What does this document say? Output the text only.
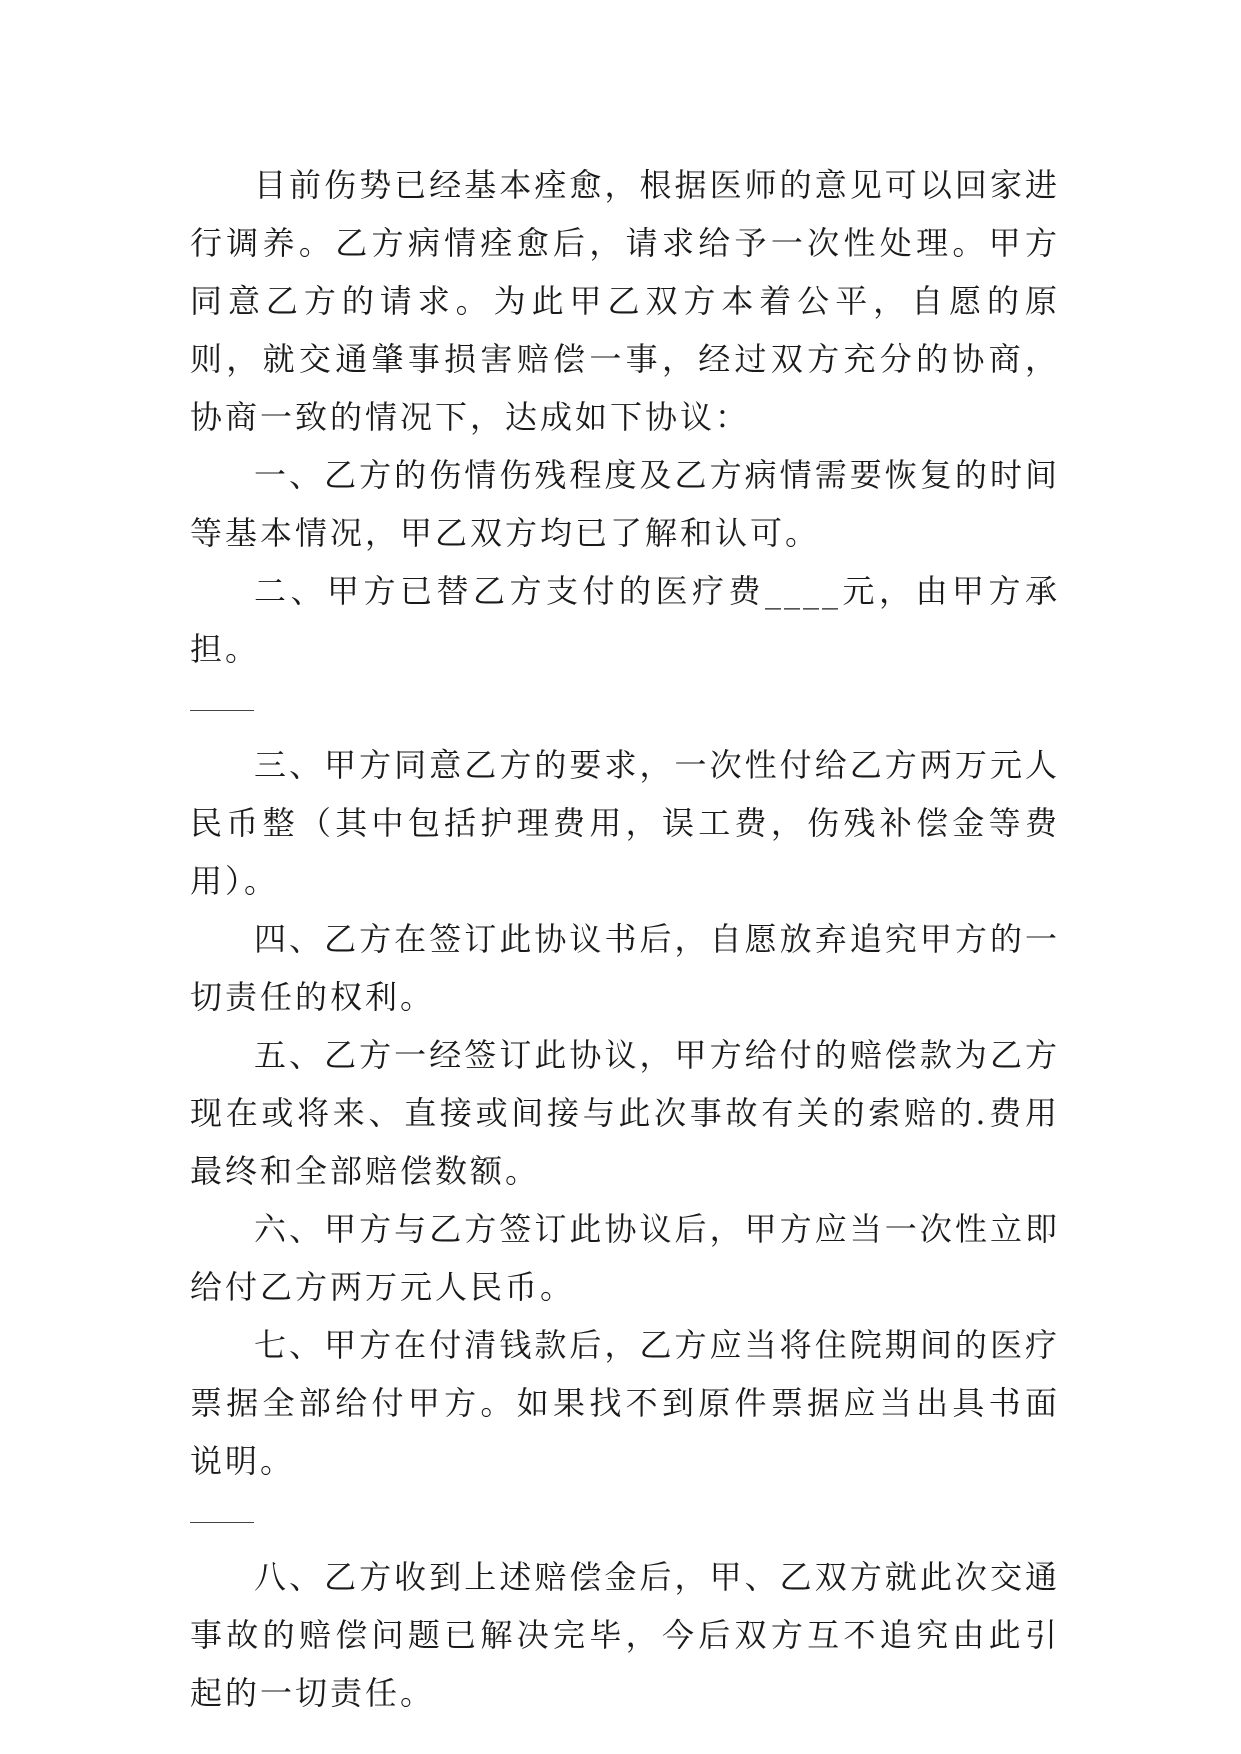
目前伤势已经基本痊愈，根据医师的意见可以回家进行调养。乙方病情痊愈后，请求给予一次性处理。甲方同意乙方的请求。为此甲乙双方本着公平，自愿的原则，就交通肇事损害赔偿一事，经过双方充分的协商，协商一致的情况下，达成如下协议：

一、乙方的伤情伤残程度及乙方病情需要恢复的时间等基本情况，甲乙双方均已了解和认可。

二、甲方已替乙方支付的医疗费____元，由甲方承担。

三、甲方同意乙方的要求，一次性付给乙方两万元人民币整（其中包括护理费用，误工费，伤残补偿金等费用）。

四、乙方在签订此协议书后，自愿放弃追究甲方的一切责任的权利。

五、乙方一经签订此协议，甲方给付的赔偿款为乙方现在或将来、直接或间接与此次事故有关的索赔的.费用最终和全部赔偿数额。

六、甲方与乙方签订此协议后，甲方应当一次性立即给付乙方两万元人民币。

七、甲方在付清钱款后，乙方应当将住院期间的医疗票据全部给付甲方。如果找不到原件票据应当出具书面说明。

八、乙方收到上述赔偿金后，甲、乙双方就此次交通事故的赔偿问题已解决完毕，今后双方互不追究由此引起的一切责任。
